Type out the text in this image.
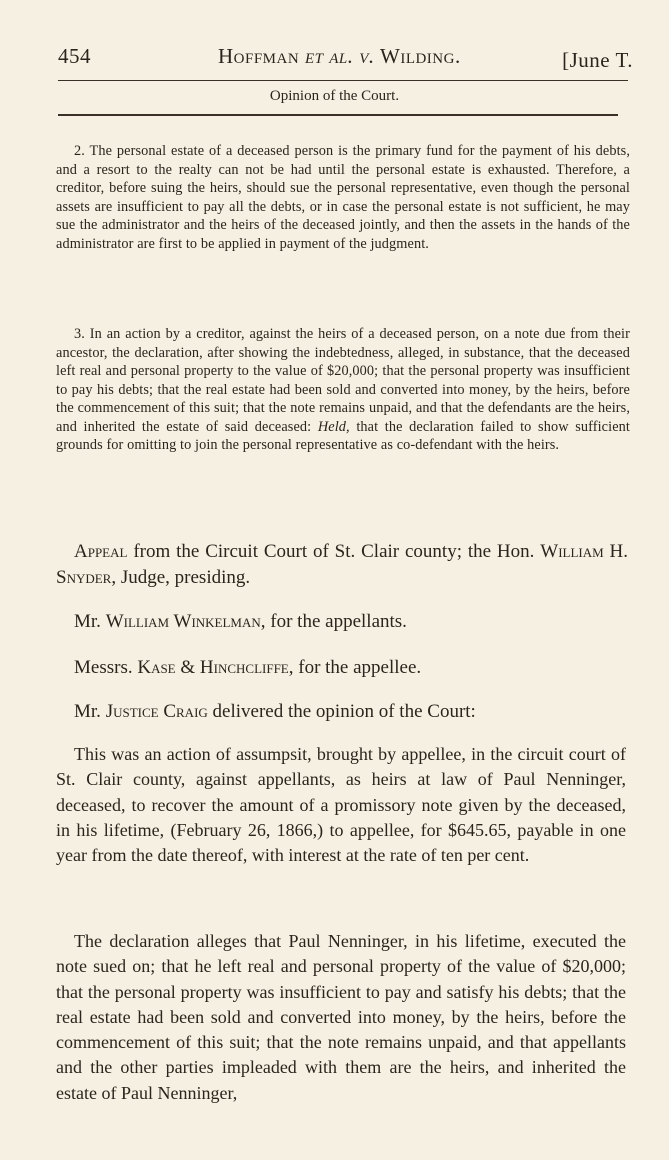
454	Hoffman et al. v. Wilding.	[June T.
Opinion of the Court.

2. The personal estate of a deceased person is the primary fund for the payment of his debts, and a resort to the realty can not be had until the personal estate is exhausted. Therefore, a creditor, before suing the heirs, should sue the personal representative, even though the personal assets are insufficient to pay all the debts, or in case the personal estate is not sufficient, he may sue the administrator and the heirs of the deceased jointly, and then the assets in the hands of the administrator are first to be applied in payment of the judgment.

3. In an action by a creditor, against the heirs of a deceased person, on a note due from their ancestor, the declaration, after showing the indebtedness, alleged, in substance, that the deceased left real and personal property to the value of $20,000; that the personal property was insufficient to pay his debts; that the real estate had been sold and converted into money, by the heirs, before the commencement of this suit; that the note remains unpaid, and that the defendants are the heirs, and inherited the estate of said deceased: Held, that the declaration failed to show sufficient grounds for omitting to join the personal representative as co-defendant with the heirs.

Appeal from the Circuit Court of St. Clair county; the Hon. William H. Snyder, Judge, presiding.

Mr. William Winkelman, for the appellants.

Messrs. Kase & Hinchcliffe, for the appellee.

Mr. Justice Craig delivered the opinion of the Court:

This was an action of assumpsit, brought by appellee, in the circuit court of St. Clair county, against appellants, as heirs at law of Paul Nenninger, deceased, to recover the amount of a promissory note given by the deceased, in his lifetime, (February 26, 1866,) to appellee, for $645.65, payable in one year from the date thereof, with interest at the rate of ten per cent.

The declaration alleges that Paul Nenninger, in his lifetime, executed the note sued on; that he left real and personal property of the value of $20,000; that the personal property was insufficient to pay and satisfy his debts; that the real estate had been sold and converted into money, by the heirs, before the commencement of this suit; that the note remains unpaid, and that appellants and the other parties impleaded with them are the heirs, and inherited the estate of Paul Nenninger,
